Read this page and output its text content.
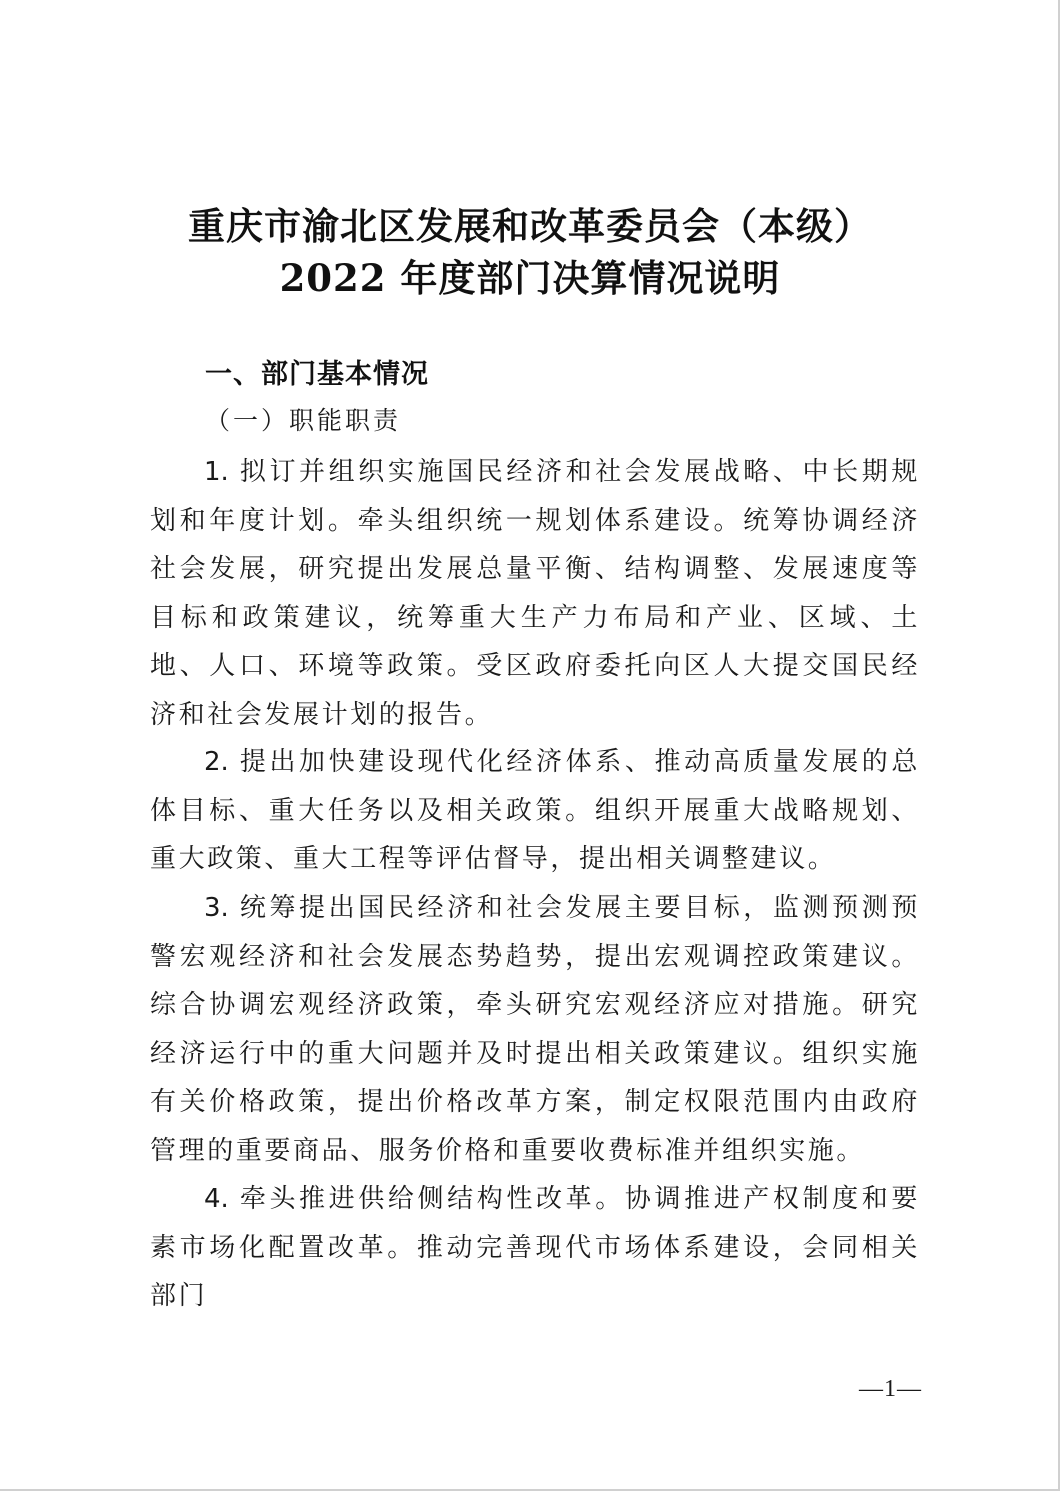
重庆市渝北区发展和改革委员会（本级）
2022 年度部门决算情况说明
一、部门基本情况
（一）职能职责

1. 拟订并组织实施国民经济和社会发展战略、中长期规划和年度计划。牵头组织统一规划体系建设。统筹协调经济社会发展，研究提出发展总量平衡、结构调整、发展速度等目标和政策建议，统筹重大生产力布局和产业、区域、土地、人口、环境等政策。受区政府委托向区人大提交国民经济和社会发展计划的报告。

2. 提出加快建设现代化经济体系、推动高质量发展的总体目标、重大任务以及相关政策。组织开展重大战略规划、重大政策、重大工程等评估督导，提出相关调整建议。

3. 统筹提出国民经济和社会发展主要目标，监测预测预警宏观经济和社会发展态势趋势，提出宏观调控政策建议。综合协调宏观经济政策，牵头研究宏观经济应对措施。研究经济运行中的重大问题并及时提出相关政策建议。组织实施有关价格政策，提出价格改革方案，制定权限范围内由政府管理的重要商品、服务价格和重要收费标准并组织实施。

4. 牵头推进供给侧结构性改革。协调推进产权制度和要素市场化配置改革。推动完善现代市场体系建设，会同相关部门

—1—
